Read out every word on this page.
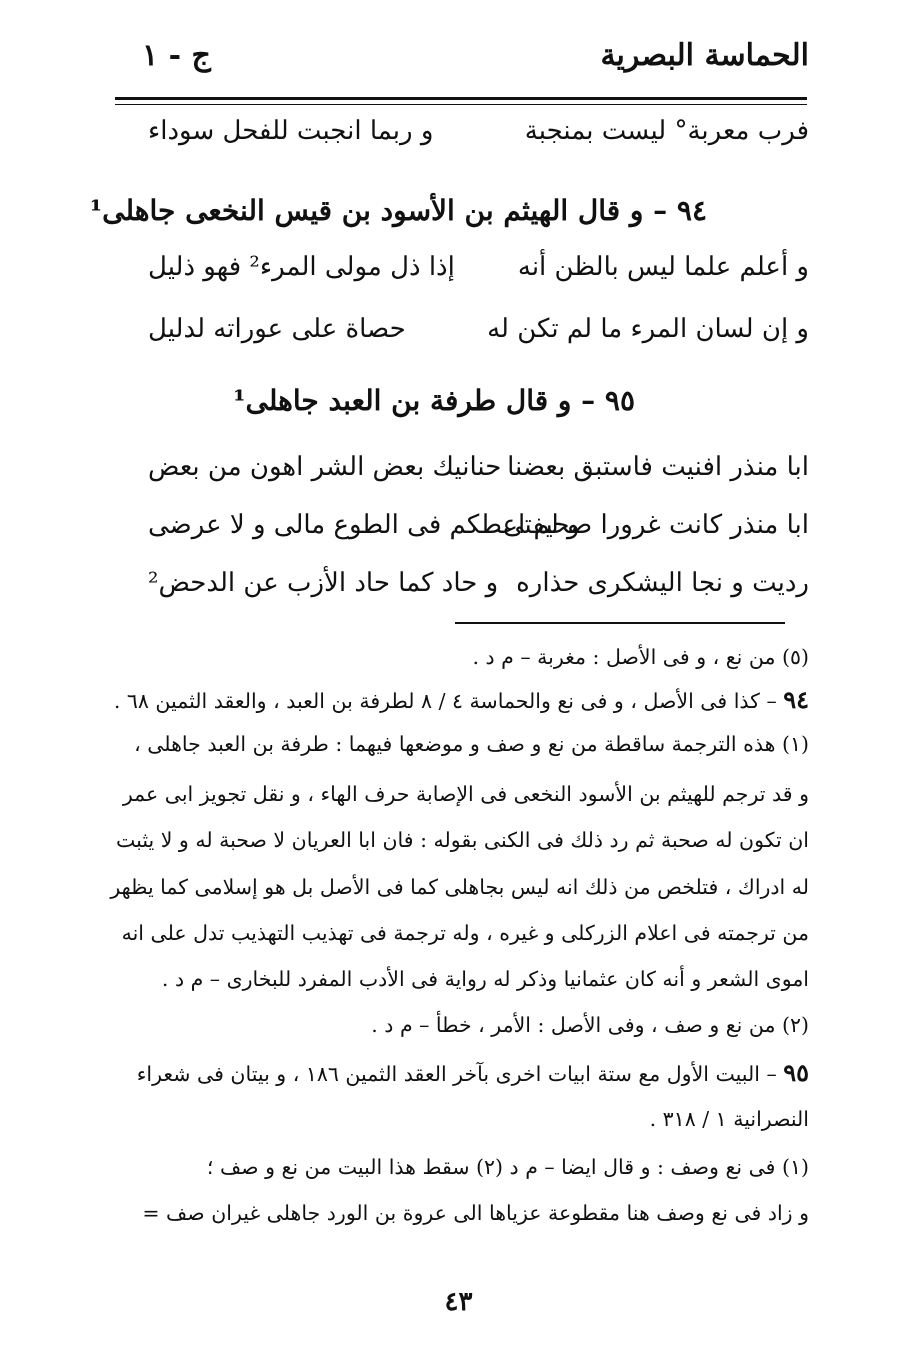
الحماسة البصرية
ج - ١
فرب معربة° ليست بمنجبة
و ربما انجبت للفحل سوداء
٩٤ – و قال الهيثم بن الأسود بن قيس النخعى جاهلى¹
و أعلم علما ليس بالظن أنه
إذا ذل مولى المرء² فهو ذليل
و إن لسان المرء ما لم تكن له
حصاة على عوراته لدليل
٩٥ – و قال طرفة بن العبد جاهلى¹
ابا منذر افنيت فاستبق بعضنا
حنانيك بعض الشر اهون من بعض
ابا منذر كانت غرورا صحيفتى
و لم اعطكم فى الطوع مالى و لا عرضى
رديت و نجا اليشكرى حذاره
و حاد كما حاد الأزب عن الدحض²
(٥) من نع ، و فى الأصل : مغربة – م د .
٩٤ – كذا فى الأصل ، و فى نع والحماسة ٤ / ٨ لطرفة بن العبد ، والعقد الثمين ٦٨ .
(١) هذه الترجمة ساقطة من نع و صف و موضعها فيهما : طرفة بن العبد جاهلى ،
و قد ترجم للهيثم بن الأسود النخعى فى الإصابة حرف الهاء ، و نقل تجويز ابى عمر
ان تكون له صحبة ثم رد ذلك فى الكنى بقوله : فان ابا العريان لا صحبة له و لا يثبت
له ادراك ، فتلخص من ذلك انه ليس بجاهلى كما فى الأصل بل هو إسلامى كما يظهر
من ترجمته فى اعلام الزركلى و غيره ، وله ترجمة فى تهذيب التهذيب تدل على انه
اموى الشعر و أنه كان عثمانيا وذكر له رواية فى الأدب المفرد للبخارى – م د .
(٢) من نع و صف ، وفى الأصل : الأمر ، خطأ – م د .
٩٥ – البيت الأول مع ستة ابيات اخرى بآخر العقد الثمين ١٨٦ ، و بيتان فى شعراء
النصرانية ١ / ٣١٨ .
(١) فى نع وصف : و قال ايضا – م د (٢) سقط هذا البيت من نع و صف ؛
و زاد فى نع وصف هنا مقطوعة عزياها الى عروة بن الورد جاهلى غيران صف =
٤٣
